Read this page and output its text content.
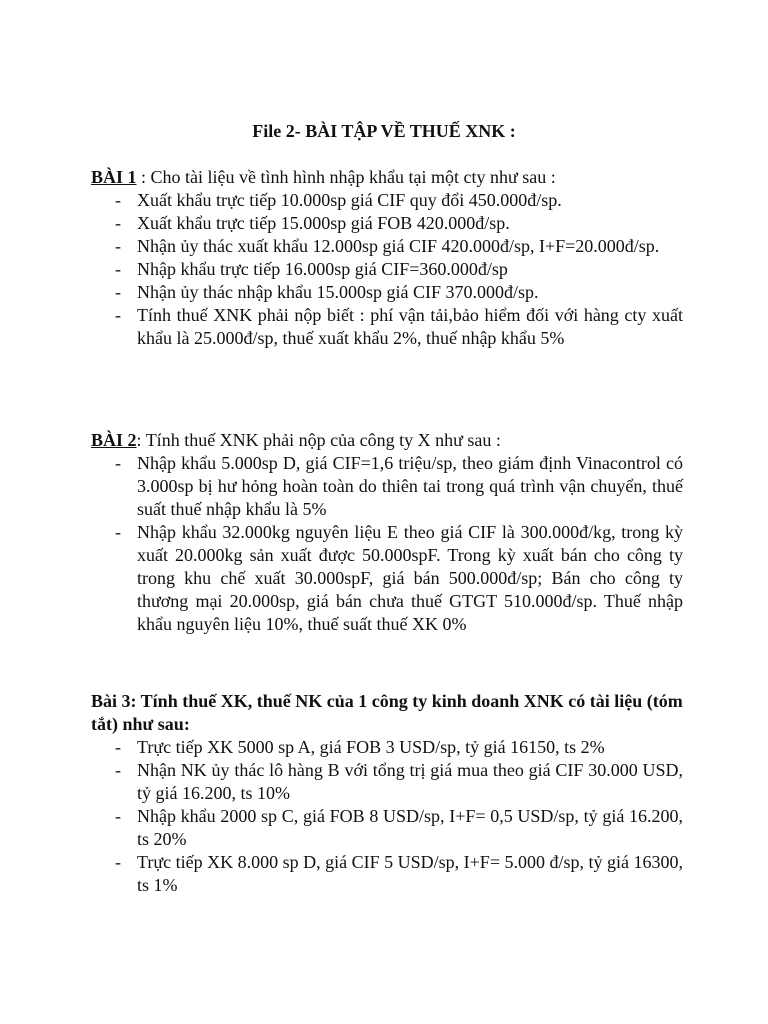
File 2- BÀI TẬP VỀ THUẾ XNK :

BÀI 1 : Cho tài liệu về tình hình nhập khẩu tại một cty như sau :

- Xuất khẩu trực tiếp 10.000sp giá CIF quy đổi 450.000đ/sp.
- Xuất khẩu trực tiếp 15.000sp giá FOB 420.000đ/sp.
- Nhận ủy thác xuất khẩu 12.000sp giá CIF 420.000đ/sp, I+F=20.000đ/sp.
- Nhập khẩu trực tiếp 16.000sp giá CIF=360.000đ/sp
- Nhận ủy thác nhập khẩu 15.000sp giá CIF 370.000đ/sp.
- Tính thuế XNK phải nộp biết : phí vận tải,bảo hiểm đối với hàng cty xuất khẩu là 25.000đ/sp, thuế xuất khẩu 2%, thuế nhập khẩu 5%

BÀI 2: Tính thuế XNK phải nộp của công ty X như sau :

- Nhập khẩu 5.000sp D, giá CIF=1,6 triệu/sp, theo giám định Vinacontrol có 3.000sp bị hư hỏng hoàn toàn do thiên tai trong quá trình vận chuyển, thuế suất thuế nhập khẩu là 5%
- Nhập khẩu 32.000kg nguyên liệu E theo giá CIF là 300.000đ/kg, trong kỳ xuất 20.000kg sản xuất được 50.000spF. Trong kỳ xuất bán cho công ty trong khu chế xuất 30.000spF, giá bán 500.000đ/sp; Bán cho công ty thương mại 20.000sp, giá bán chưa thuế GTGT 510.000đ/sp. Thuế nhập khẩu nguyên liệu 10%, thuế suất thuế XK 0%

Bài 3: Tính thuế XK, thuế NK của 1 công ty kinh doanh XNK có tài liệu (tóm tắt) như sau:

- Trực tiếp XK 5000 sp A, giá FOB 3 USD/sp, tỷ giá 16150, ts 2%
- Nhận NK ủy thác lô hàng B với tổng trị giá mua theo giá CIF 30.000 USD, tỷ giá 16.200, ts 10%
- Nhập khẩu 2000 sp C, giá FOB 8 USD/sp, I+F= 0,5 USD/sp, tỷ giá 16.200, ts 20%
- Trực tiếp XK 8.000 sp D, giá CIF 5 USD/sp, I+F= 5.000 đ/sp, tỷ giá 16300, ts 1%
